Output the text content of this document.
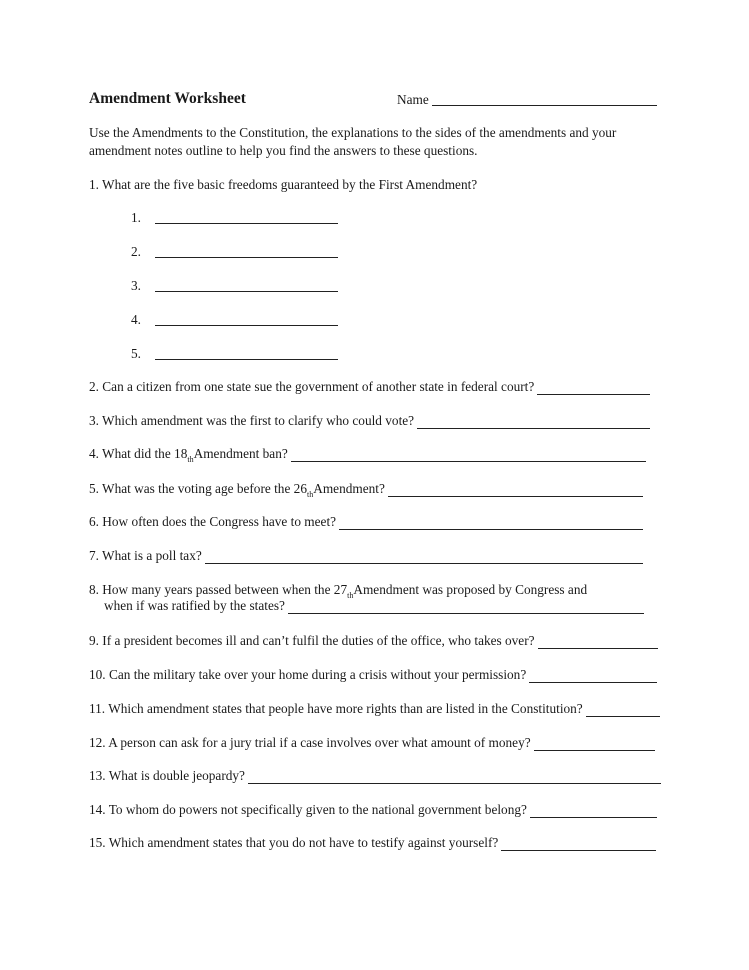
Amendment Worksheet	Name
Use the Amendments to the Constitution, the explanations to the sides of the amendments and your amendment notes outline to help you find the answers to these questions.
1. What are the five basic freedoms guaranteed by the First Amendment?
1.
2.
3.
4.
5.
2. Can a citizen from one state sue the government of another state in federal court?
3. Which amendment was the first to clarify who could vote?
4. What did the 18th Amendment ban?
5. What was the voting age before the 26th Amendment?
6. How often does the Congress have to meet?
7. What is a poll tax?
8. How many years passed between when the 27th Amendment was proposed by Congress and
when if was ratified by the states?
9. If a president becomes ill and can’t fulfil the duties of the office, who takes over?
10. Can the military take over your home during a crisis without your permission?
11. Which amendment states that people have more rights than are listed in the Constitution?
12. A person can ask for a jury trial if a case involves over what amount of money?
13. What is double jeopardy?
14. To whom do powers not specifically given to the national government belong?
15. Which amendment states that you do not have to testify against yourself?
